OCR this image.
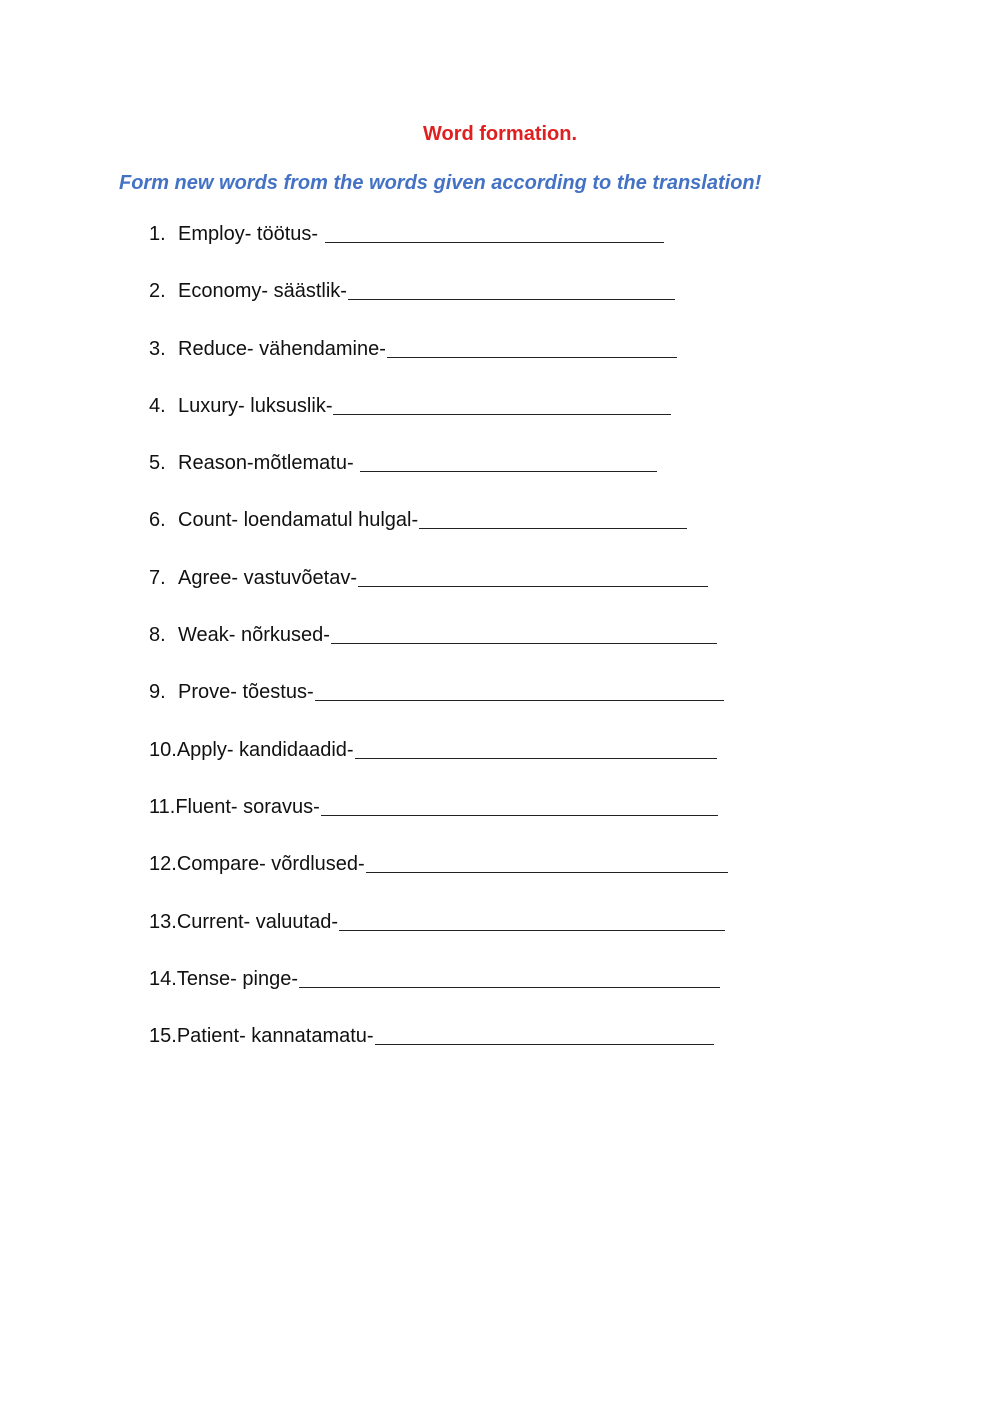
Word formation.
Form new words from the words given according to the translation!
1. Employ- töötus-
2. Economy- säästlik-
3. Reduce- vähendamine-
4. Luxury- luksuslik-
5. Reason-mõtlematu-
6. Count- loendamatul hulgal-
7. Agree- vastuvõetav-
8. Weak- nõrkused-
9. Prove- tõestus-
10. Apply- kandidaadid-
11. Fluent- soravus-
12. Compare- võrdlused-
13. Current- valuutad-
14. Tense- pinge-
15. Patient- kannatamatu-
